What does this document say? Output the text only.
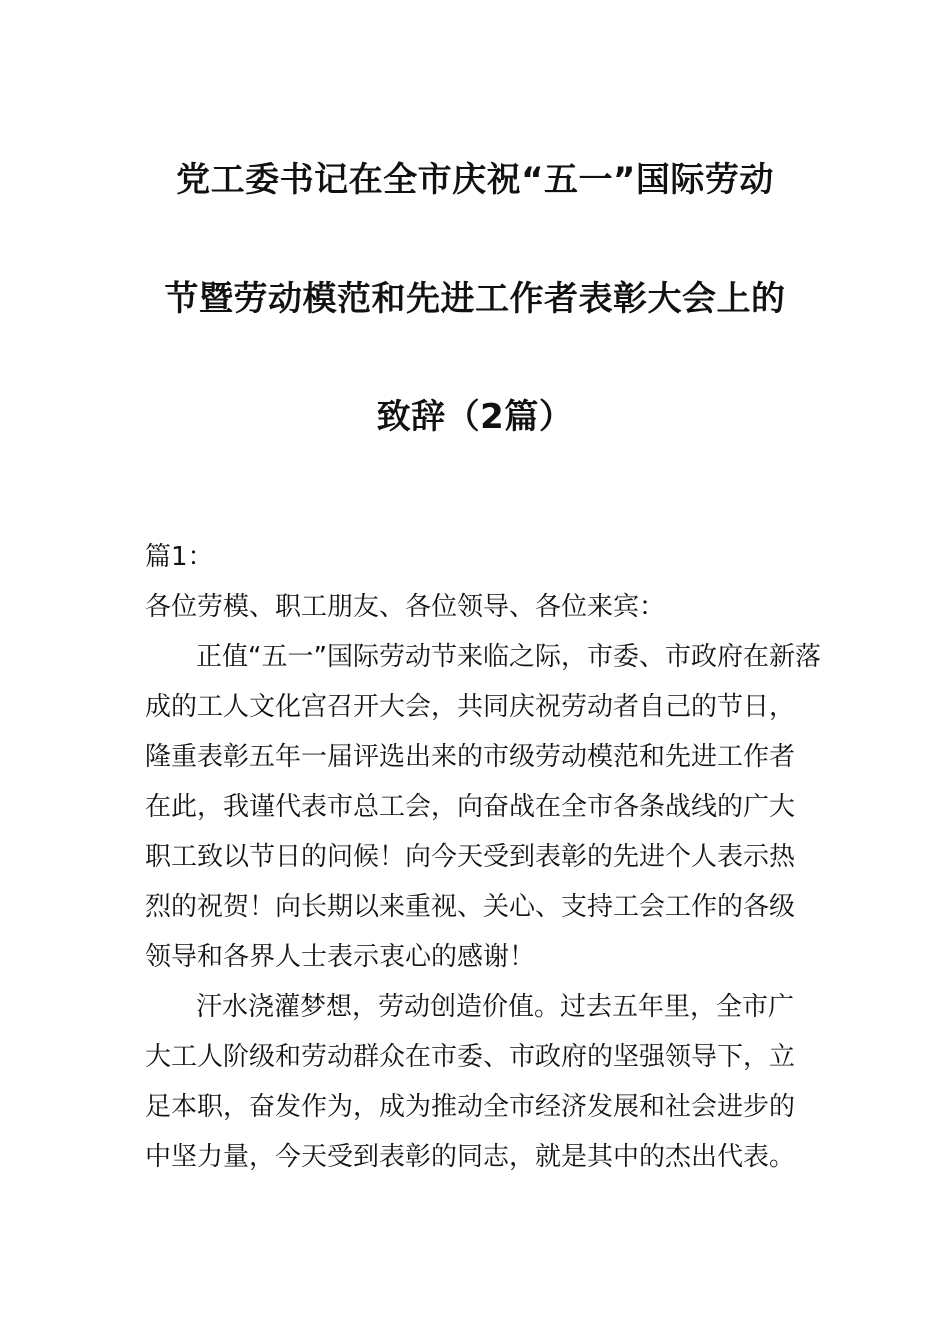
党工委书记在全市庆祝“五一”国际劳动
节暨劳动模范和先进工作者表彰大会上的
致辞（2篇）
篇1：
各位劳模、职工朋友、各位领导、各位来宾：
正值“五一”国际劳动节来临之际，市委、市政府在新落
成的工人文化宫召开大会，共同庆祝劳动者自己的节日，
隆重表彰五年一届评选出来的市级劳动模范和先进工作者
在此，我谨代表市总工会，向奋战在全市各条战线的广大
职工致以节日的问候！向今天受到表彰的先进个人表示热
烈的祝贺！向长期以来重视、关心、支持工会工作的各级
领导和各界人士表示衷心的感谢！
汗水浇灌梦想，劳动创造价值。过去五年里，全市广
大工人阶级和劳动群众在市委、市政府的坚强领导下，立
足本职，奋发作为，成为推动全市经济发展和社会进步的
中坚力量，今天受到表彰的同志，就是其中的杰出代表。
